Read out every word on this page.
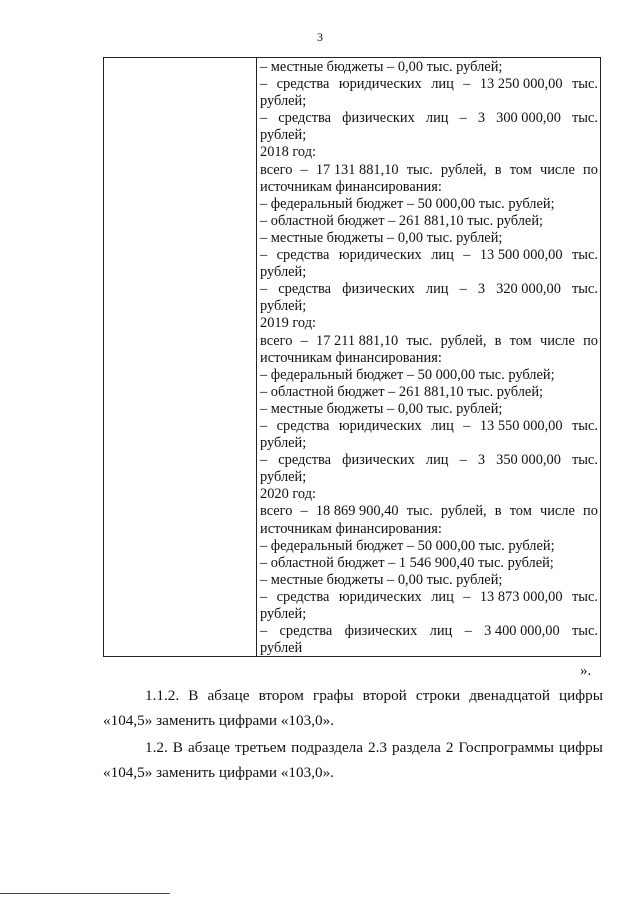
3
– местные бюджеты – 0,00 тыс. рублей;
– средства юридических лиц – 13 250 000,00 тыс.
рублей;
– средства физических лиц – 3 300 000,00 тыс.
рублей;
2018 год:
всего – 17 131 881,10 тыс. рублей, в том числе по
источникам финансирования:
– федеральный бюджет – 50 000,00 тыс. рублей;
– областной бюджет – 261 881,10 тыс. рублей;
– местные бюджеты – 0,00 тыс. рублей;
– средства юридических лиц – 13 500 000,00 тыс.
рублей;
– средства физических лиц – 3 320 000,00 тыс.
рублей;
2019 год:
всего – 17 211 881,10 тыс. рублей, в том числе по
источникам финансирования:
– федеральный бюджет – 50 000,00 тыс. рублей;
– областной бюджет – 261 881,10 тыс. рублей;
– местные бюджеты – 0,00 тыс. рублей;
– средства юридических лиц – 13 550 000,00 тыс.
рублей;
– средства физических лиц – 3 350 000,00 тыс.
рублей;
2020 год:
всего – 18 869 900,40 тыс. рублей, в том числе по
источникам финансирования:
– федеральный бюджет – 50 000,00 тыс. рублей;
– областной бюджет – 1 546 900,40 тыс. рублей;
– местные бюджеты – 0,00 тыс. рублей;
– средства юридических лиц – 13 873 000,00 тыс.
рублей;
– средства физических лиц – 3 400 000,00 тыс.
рублей
».
1.1.2. В абзаце втором графы второй строки двенадцатой цифры
«104,5» заменить цифрами «103,0».
1.2. В абзаце третьем подраздела 2.3 раздела 2 Госпрограммы цифры
«104,5» заменить цифрами «103,0».
